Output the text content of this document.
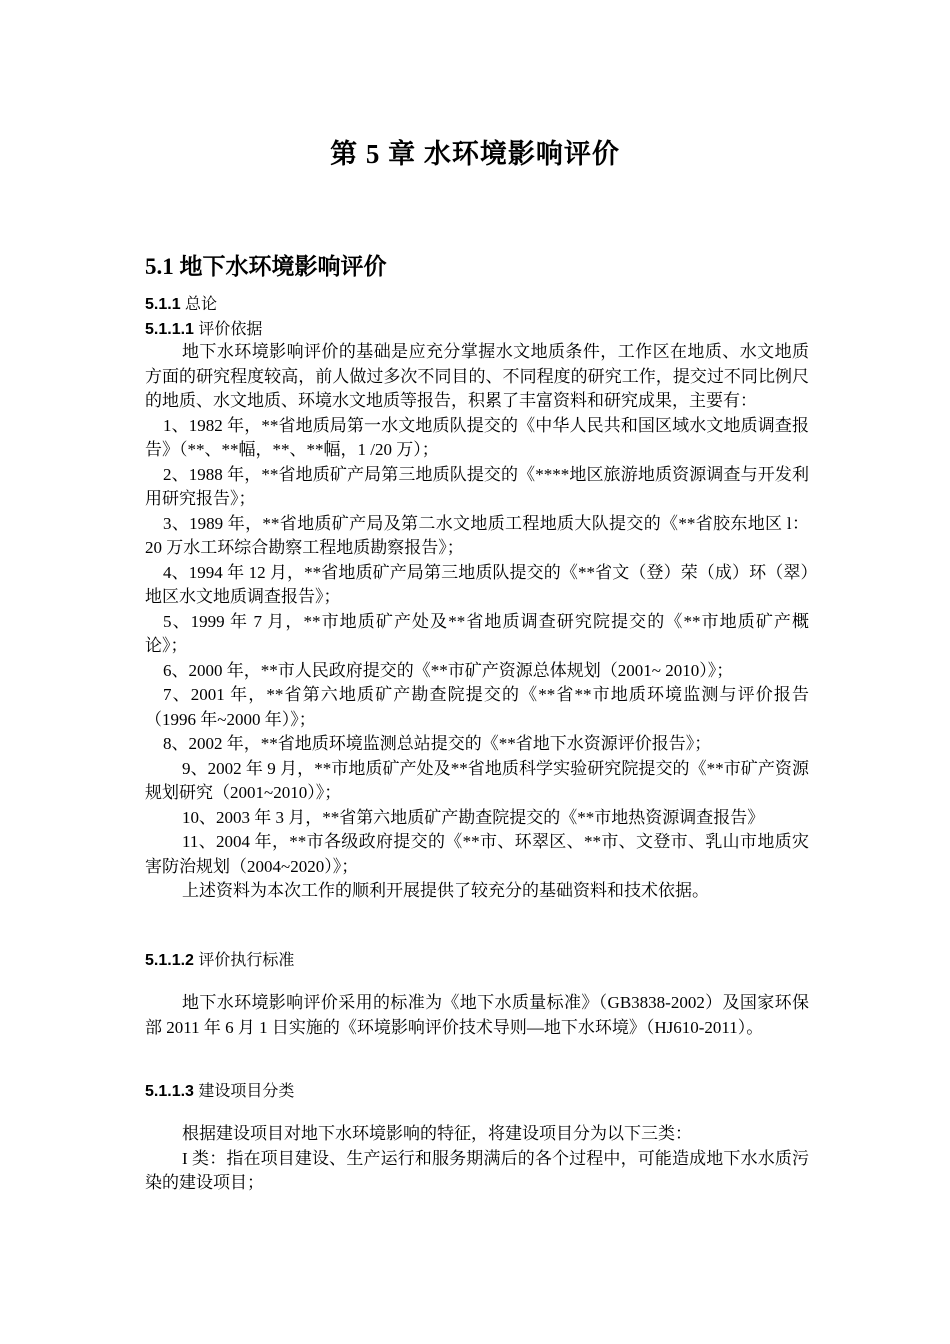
第 5 章 水环境影响评价
5.1 地下水环境影响评价
5.1.1 总论
5.1.1.1 评价依据

地下水环境影响评价的基础是应充分掌握水文地质条件，工作区在地质、水文地质方面的研究程度较高，前人做过多次不同目的、不同程度的研究工作，提交过不同比例尺的地质、水文地质、环境水文地质等报告，积累了丰富资料和研究成果，主要有：

1、1982 年，**省地质局第一水文地质队提交的《中华人民共和国区域水文地质调查报告》（**、**幅，**、**幅，1 /20 万）；

2、1988 年，**省地质矿产局第三地质队提交的《****地区旅游地质资源调查与开发利用研究报告》；

3、1989 年，**省地质矿产局及第二水文地质工程地质大队提交的《**省胶东地区 l：20 万水工环综合勘察工程地质勘察报告》；

4、1994 年 12 月，**省地质矿产局第三地质队提交的《**省文（登）荣（成）环（翠）地区水文地质调查报告》；

5、1999 年 7 月，**市地质矿产处及**省地质调查研究院提交的《**市地质矿产概论》；

6、2000 年，**市人民政府提交的《**市矿产资源总体规划（2001~ 2010）》；

7、2001 年，**省第六地质矿产勘查院提交的《**省**市地质环境监测与评价报告（1996 年~2000 年）》；

8、2002 年，**省地质环境监测总站提交的《**省地下水资源评价报告》；

9、2002 年 9 月，**市地质矿产处及**省地质科学实验研究院提交的《**市矿产资源规划研究（2001~2010）》；

10、2003 年 3 月，**省第六地质矿产勘查院提交的《**市地热资源调查报告》

11、2004 年，**市各级政府提交的《**市、环翠区、**市、文登市、乳山市地质灾害防治规划（2004~2020）》；

上述资料为本次工作的顺利开展提供了较充分的基础资料和技术依据。

5.1.1.2 评价执行标准

地下水环境影响评价采用的标准为《地下水质量标准》（GB3838-2002）及国家环保部 2011 年 6 月 1 日实施的《环境影响评价技术导则—地下水环境》（HJ610-2011）。

5.1.1.3 建设项目分类

根据建设项目对地下水环境影响的特征，将建设项目分为以下三类：

I 类：指在项目建设、生产运行和服务期满后的各个过程中，可能造成地下水水质污染的建设项目；
